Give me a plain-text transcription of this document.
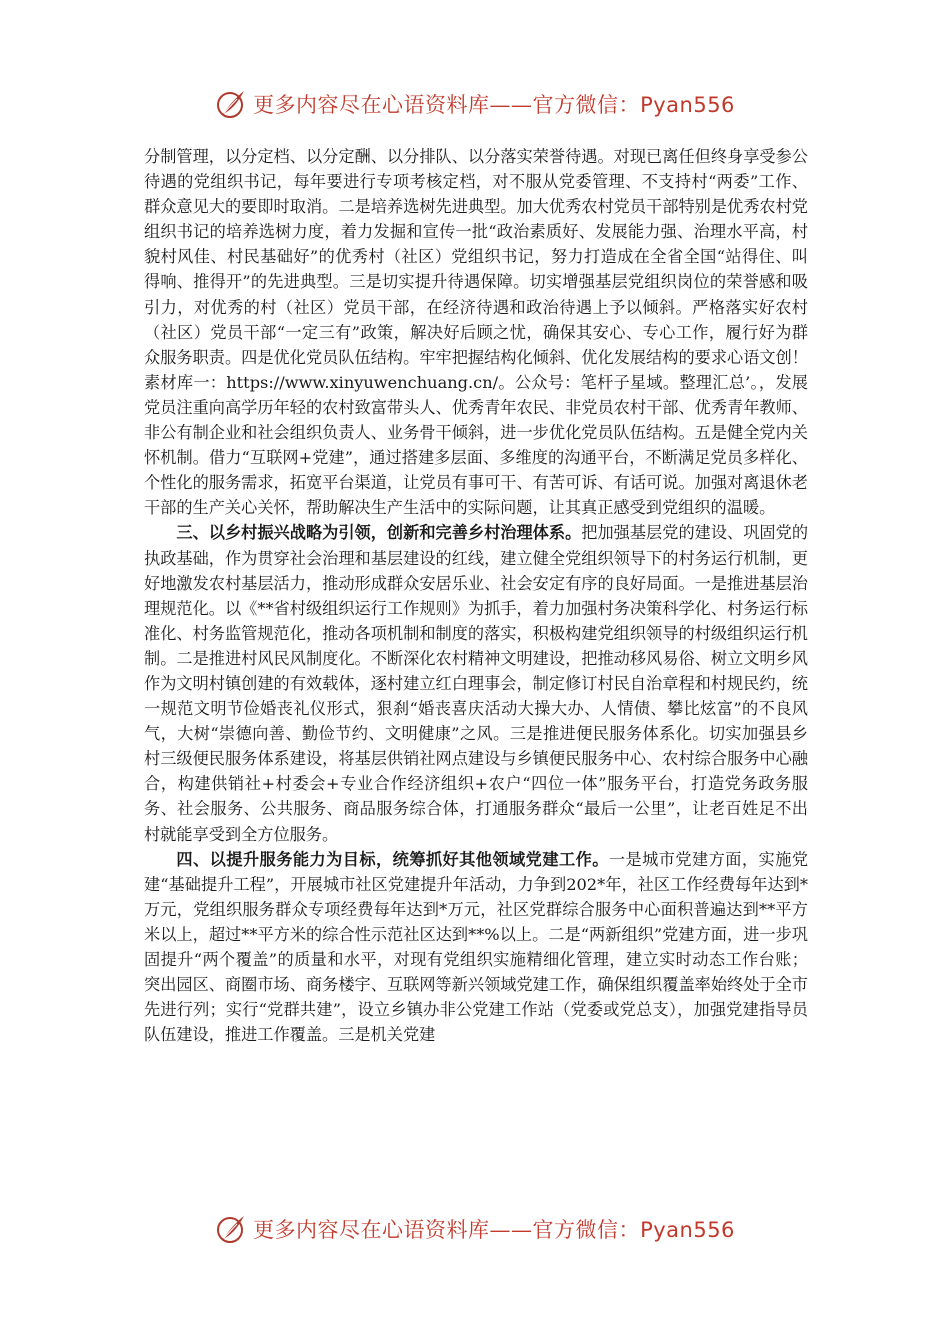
更多内容尽在心语资料库——官方微信：Pyan556

分制管理，以分定档、以分定酬、以分排队、以分落实荣誉待遇。对现已离任但终身享受参公待遇的党组织书记，每年要进行专项考核定档，对不服从党委管理、不支持村“两委”工作、群众意见大的要即时取消。二是培养选树先进典型。加大优秀农村党员干部特别是优秀农村党组织书记的培养选树力度，着力发掘和宣传一批“政治素质好、发展能力强、治理水平高，村貌村风佳、村民基础好”的优秀村（社区）党组织书记，努力打造成在全省全国“站得住、叫得响、推得开”的先进典型。三是切实提升待遇保障。切实增强基层党组织岗位的荣誉感和吸引力，对优秀的村（社区）党员干部，在经济待遇和政治待遇上予以倾斜。严格落实好农村（社区）党员干部“一定三有”政策，解决好后顾之忧，确保其安心、专心工作，履行好为群众服务职责。四是优化党员队伍结构。牢牢把握结构化倾斜、优化发展结构的要求心语文创！素材库一：https://www.xinyuwenchuang.cn/。公众号：笔杆子星域。整理汇总’。，发展党员注重向高学历年轻的农村致富带头人、优秀青年农民、非党员农村干部、优秀青年教师、非公有制企业和社会组织负责人、业务骨干倾斜，进一步优化党员队伍结构。五是健全党内关怀机制。借力“互联网+党建”，通过搭建多层面、多维度的沟通平台，不断满足党员多样化、个性化的服务需求，拓宽平台渠道，让党员有事可干、有苦可诉、有话可说。加强对离退休老干部的生产关心关怀，帮助解决生产生活中的实际问题，让其真正感受到党组织的温暖。

三、以乡村振兴战略为引领，创新和完善乡村治理体系。把加强基层党的建设、巩固党的执政基础，作为贯穿社会治理和基层建设的红线，建立健全党组织领导下的村务运行机制，更好地激发农村基层活力，推动形成群众安居乐业、社会安定有序的良好局面。一是推进基层治理规范化。以《**省村级组织运行工作规则》为抓手，着力加强村务决策科学化、村务运行标准化、村务监管规范化，推动各项机制和制度的落实，积极构建党组织领导的村级组织运行机制。二是推进村风民风制度化。不断深化农村精神文明建设，把推动移风易俗、树立文明乡风作为文明村镇创建的有效载体，逐村建立红白理事会，制定修订村民自治章程和村规民约，统一规范文明节俭婚丧礼仪形式，狠刹“婚丧喜庆活动大操大办、人情债、攀比炫富”的不良风气，大树“崇德向善、勤俭节约、文明健康”之风。三是推进便民服务体系化。切实加强县乡村三级便民服务体系建设，将基层供销社网点建设与乡镇便民服务中心、农村综合服务中心融合，构建供销社+村委会+专业合作经济组织+农户“四位一体”服务平台，打造党务政务服务、社会服务、公共服务、商品服务综合体，打通服务群众“最后一公里”，让老百姓足不出村就能享受到全方位服务。

四、以提升服务能力为目标，统筹抓好其他领域党建工作。一是城市党建方面，实施党建“基础提升工程”，开展城市社区党建提升年活动，力争到202*年，社区工作经费每年达到*万元，党组织服务群众专项经费每年达到*万元，社区党群综合服务中心面积普遍达到**平方米以上，超过**平方米的综合性示范社区达到**%以上。二是“两新组织”党建方面，进一步巩固提升“两个覆盖”的质量和水平，对现有党组织实施精细化管理，建立实时动态工作台账；突出园区、商圈市场、商务楼宇、互联网等新兴领域党建工作，确保组织覆盖率始终处于全市先进行列；实行“党群共建”，设立乡镇办非公党建工作站（党委或党总支），加强党建指导员队伍建设，推进工作覆盖。三是机关党建

更多内容尽在心语资料库——官方微信：Pyan556
